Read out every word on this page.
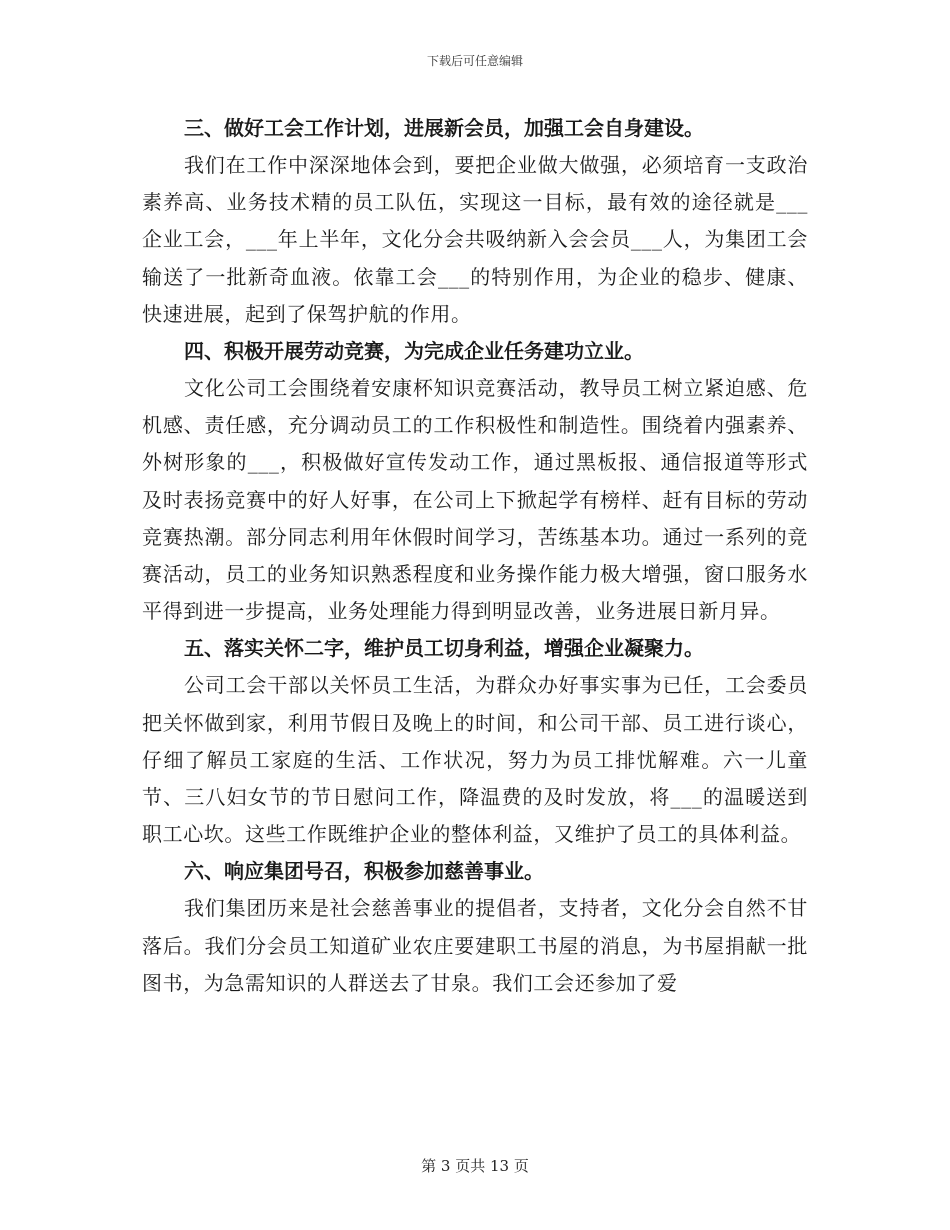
下载后可任意编辑

三、做好工会工作计划，进展新会员，加强工会自身建设。

我们在工作中深深地体会到，要把企业做大做强，必须培育一支政治素养高、业务技术精的员工队伍，实现这一目标，最有效的途径就是___企业工会，___年上半年，文化分会共吸纳新入会会员___人，为集团工会输送了一批新奇血液。依靠工会___的特别作用，为企业的稳步、健康、快速进展，起到了保驾护航的作用。

四、积极开展劳动竞赛，为完成企业任务建功立业。

文化公司工会围绕着安康杯知识竞赛活动，教导员工树立紧迫感、危机感、责任感，充分调动员工的工作积极性和制造性。围绕着内强素养、外树形象的___，积极做好宣传发动工作，通过黑板报、通信报道等形式及时表扬竞赛中的好人好事，在公司上下掀起学有榜样、赶有目标的劳动竞赛热潮。部分同志利用年休假时间学习，苦练基本功。通过一系列的竞赛活动，员工的业务知识熟悉程度和业务操作能力极大增强，窗口服务水平得到进一步提高，业务处理能力得到明显改善，业务进展日新月异。

五、落实关怀二字，维护员工切身利益，增强企业凝聚力。

公司工会干部以关怀员工生活，为群众办好事实事为已任，工会委员把关怀做到家，利用节假日及晚上的时间，和公司干部、员工进行谈心，仔细了解员工家庭的生活、工作状况，努力为员工排忧解难。六一儿童节、三八妇女节的节日慰问工作，降温费的及时发放，将___的温暖送到职工心坎。这些工作既维护企业的整体利益，又维护了员工的具体利益。

六、响应集团号召，积极参加慈善事业。

我们集团历来是社会慈善事业的提倡者，支持者，文化分会自然不甘落后。我们分会员工知道矿业农庄要建职工书屋的消息，为书屋捐献一批图书，为急需知识的人群送去了甘泉。我们工会还参加了爱

第 3 页共 13 页
